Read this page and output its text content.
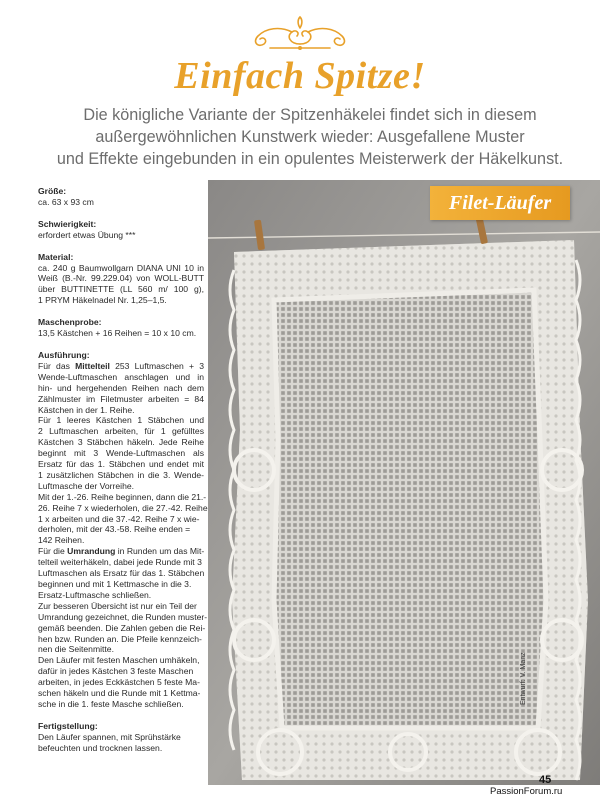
Einfach Spitze!

Die königliche Variante der Spitzenhäkelei findet sich in diesem
außergewöhnlichen Kunstwerk wieder: Ausgefallene Muster
und Effekte eingebunden in ein opulentes Meisterwerk der Häkelkunst.

Größe:
ca. 63 x 93 cm
Schwierigkeit:
erfordert etwas Übung ***
Material:
ca. 240 g Baumwollgarn DIANA UNI 10 in
Weiß (B.-Nr. 99.229.04) von WOLL-BUTT
über BUTTINETTE (LL 560 m/ 100 g),
1 PRYM Häkelnadel Nr. 1,25–1,5.
Maschenprobe:
13,5 Kästchen + 16 Reihen = 10 x 10 cm.
Ausführung:
Für das Mittelteil 253 Luftmaschen + 3
Wende-Luftmaschen anschlagen und in
hin- und hergehenden Reihen nach dem
Zählmuster im Filetmuster arbeiten = 84
Kästchen in der 1. Reihe.
Für 1 leeres Kästchen 1 Stäbchen und
2 Luftmaschen arbeiten, für 1 gefülltes
Kästchen 3 Stäbchen häkeln. Jede Reihe
beginnt mit 3 Wende-Luftmaschen als
Ersatz für das 1. Stäbchen und endet mit
1 zusätzlichen Stäbchen in die 3. Wende-
Luftmasche der Vorreihe.
Mit der 1.-26. Reihe beginnen, dann die 21.-
26. Reihe 7 x wiederholen, die 27.-42. Reihe
1 x arbeiten und die 37.-42. Reihe 7 x wie-
derholen, mit der 43.-58. Reihe enden =
142 Reihen.
Für die Umrandung in Runden um das Mit-
telteil weiterhäkeln, dabei jede Runde mit 3
Luftmaschen als Ersatz für das 1. Stäbchen
beginnen und mit 1 Kettmasche in die 3.
Ersatz-Luftmasche schließen.
Zur besseren Übersicht ist nur ein Teil der
Umrandung gezeichnet, die Runden muster-
gemäß beenden. Die Zahlen geben die Rei-
hen bzw. Runden an. Die Pfeile kennzeich-
nen die Seitenmitte.
Den Läufer mit festen Maschen umhäkeln,
dafür in jedes Kästchen 3 feste Maschen
arbeiten, in jedes Eckkästchen 5 feste Ma-
schen häkeln und die Runde mit 1 Kettma-
sche in die 1. feste Masche schließen.
Fertigstellung:
Den Läufer spannen, mit Sprühstärke
befeuchten und trocknen lassen.
Filet-Läufer
Entwurf: V. Manz
45
PassionForum.ru
